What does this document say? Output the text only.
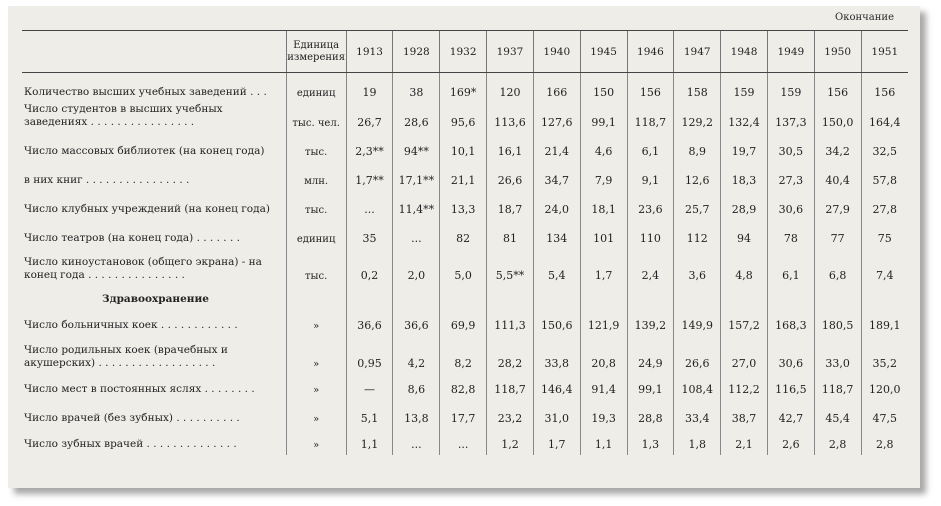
Окончание
	Единица измерения	1913	1928	1932	1937	1940	1945	1946	1947	1948	1949	1950	1951
Количество высших учебных заведений . . .	единиц	19	38	169*	120	166	150	156	158	159	159	156	156
Число студентов в высших учебных заведениях . . . . . . . . . . . . . . . .	тыс. чел.	26,7	28,6	95,6	113,6	127,6	99,1	118,7	129,2	132,4	137,3	150,0	164,4
Число массовых библиотек (на конец года)	тыс.	2,3**	94**	10,1	16,1	21,4	4,6	6,1	8,9	19,7	30,5	34,2	32,5
в них книг . . . . . . . . . . . . . . . .	млн.	1,7**	17,1**	21,1	26,6	34,7	7,9	9,1	12,6	18,3	27,3	40,4	57,8
Число клубных учреждений (на конец года)	тыс.	...	11,4**	13,3	18,7	24,0	18,1	23,6	25,7	28,9	30,6	27,9	27,8
Число театров (на конец года) . . . . . . .	единиц	35	...	82	81	134	101	110	112	94	78	77	75
Число киноустановок (общего экрана) - на конец года . . . . . . . . . . . . . . .	тыс.	0,2	2,0	5,0	5,5**	5,4	1,7	2,4	3,6	4,8	6,1	6,8	7,4
Здравоохранение													
Число больничных коек . . . . . . . . . . . .	»	36,6	36,6	69,9	111,3	150,6	121,9	139,2	149,9	157,2	168,3	180,5	189,1
Число родильных коек (врачебных и акушерских) . . . . . . . . . . . . . . . . . .	»	0,95	4,2	8,2	28,2	33,8	20,8	24,9	26,6	27,0	30,6	33,0	35,2
Число мест в постоянных яслях . . . . . . . .	»	—	8,6	82,8	118,7	146,4	91,4	99,1	108,4	112,2	116,5	118,7	120,0
Число врачей (без зубных) . . . . . . . . . .	»	5,1	13,8	17,7	23,2	31,0	19,3	28,8	33,4	38,7	42,7	45,4	47,5
Число зубных врачей . . . . . . . . . . . . . .	»	1,1	...	...	1,2	1,7	1,1	1,3	1,8	2,1	2,6	2,8	2,8
